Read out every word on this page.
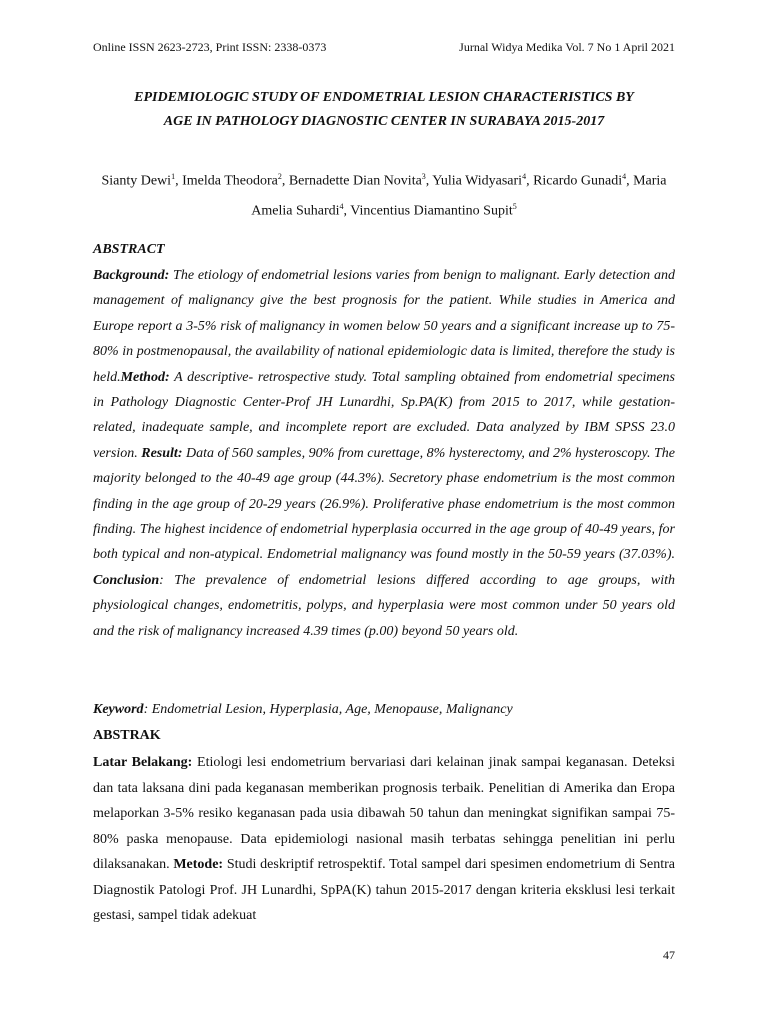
Online ISSN 2623-2723, Print ISSN: 2338-0373	Jurnal Widya Medika Vol. 7 No 1 April 2021
EPIDEMIOLOGIC STUDY OF ENDOMETRIAL LESION CHARACTERISTICS BY
AGE IN PATHOLOGY DIAGNOSTIC CENTER IN SURABAYA 2015-2017
Sianty Dewi$^1$, Imelda Theodora$^2$, Bernadette Dian Novita$^3$, Yulia Widyasari$^4$, Ricardo Gunadi$^4$, Maria Amelia Suhardi$^4$, Vincentius Diamantino Supit$^5$
ABSTRACT
Background: The etiology of endometrial lesions varies from benign to malignant. Early detection and management of malignancy give the best prognosis for the patient. While studies in America and Europe report a 3-5% risk of malignancy in women below 50 years and a significant increase up to 75-80% in postmenopausal, the availability of national epidemiologic data is limited, therefore the study is held.Method: A descriptive- retrospective study. Total sampling obtained from endometrial specimens in Pathology Diagnostic Center-Prof JH Lunardhi, Sp.PA(K) from 2015 to 2017, while gestation-related, inadequate sample, and incomplete report are excluded. Data analyzed by IBM SPSS 23.0 version. Result: Data of 560 samples, 90% from curettage, 8% hysterectomy, and 2% hysteroscopy. The majority belonged to the 40-49 age group (44.3%). Secretory phase endometrium is the most common finding in the age group of 20-29 years (26.9%). Proliferative phase endometrium is the most common finding. The highest incidence of endometrial hyperplasia occurred in the age group of 40-49 years, for both typical and non-atypical. Endometrial malignancy was found mostly in the 50-59 years (37.03%). Conclusion: The prevalence of endometrial lesions differed according to age groups, with physiological changes, endometritis, polyps, and hyperplasia were most common under 50 years old and the risk of malignancy increased 4.39 times (p.00) beyond 50 years old.
Keyword: Endometrial Lesion, Hyperplasia, Age, Menopause, Malignancy
ABSTRAK
Latar Belakang: Etiologi lesi endometrium bervariasi dari kelainan jinak sampai keganasan. Deteksi dan tata laksana dini pada keganasan memberikan prognosis terbaik. Penelitian di Amerika dan Eropa melaporkan 3-5% resiko keganasan pada usia dibawah 50 tahun dan meningkat signifikan sampai 75-80% paska menopause. Data epidemiologi nasional masih terbatas sehingga penelitian ini perlu dilaksanakan. Metode: Studi deskriptif retrospektif. Total sampel dari spesimen endometrium di Sentra Diagnostik Patologi Prof. JH Lunardhi, SpPA(K) tahun 2015-2017 dengan kriteria eksklusi lesi terkait gestasi, sampel tidak adekuat
47
